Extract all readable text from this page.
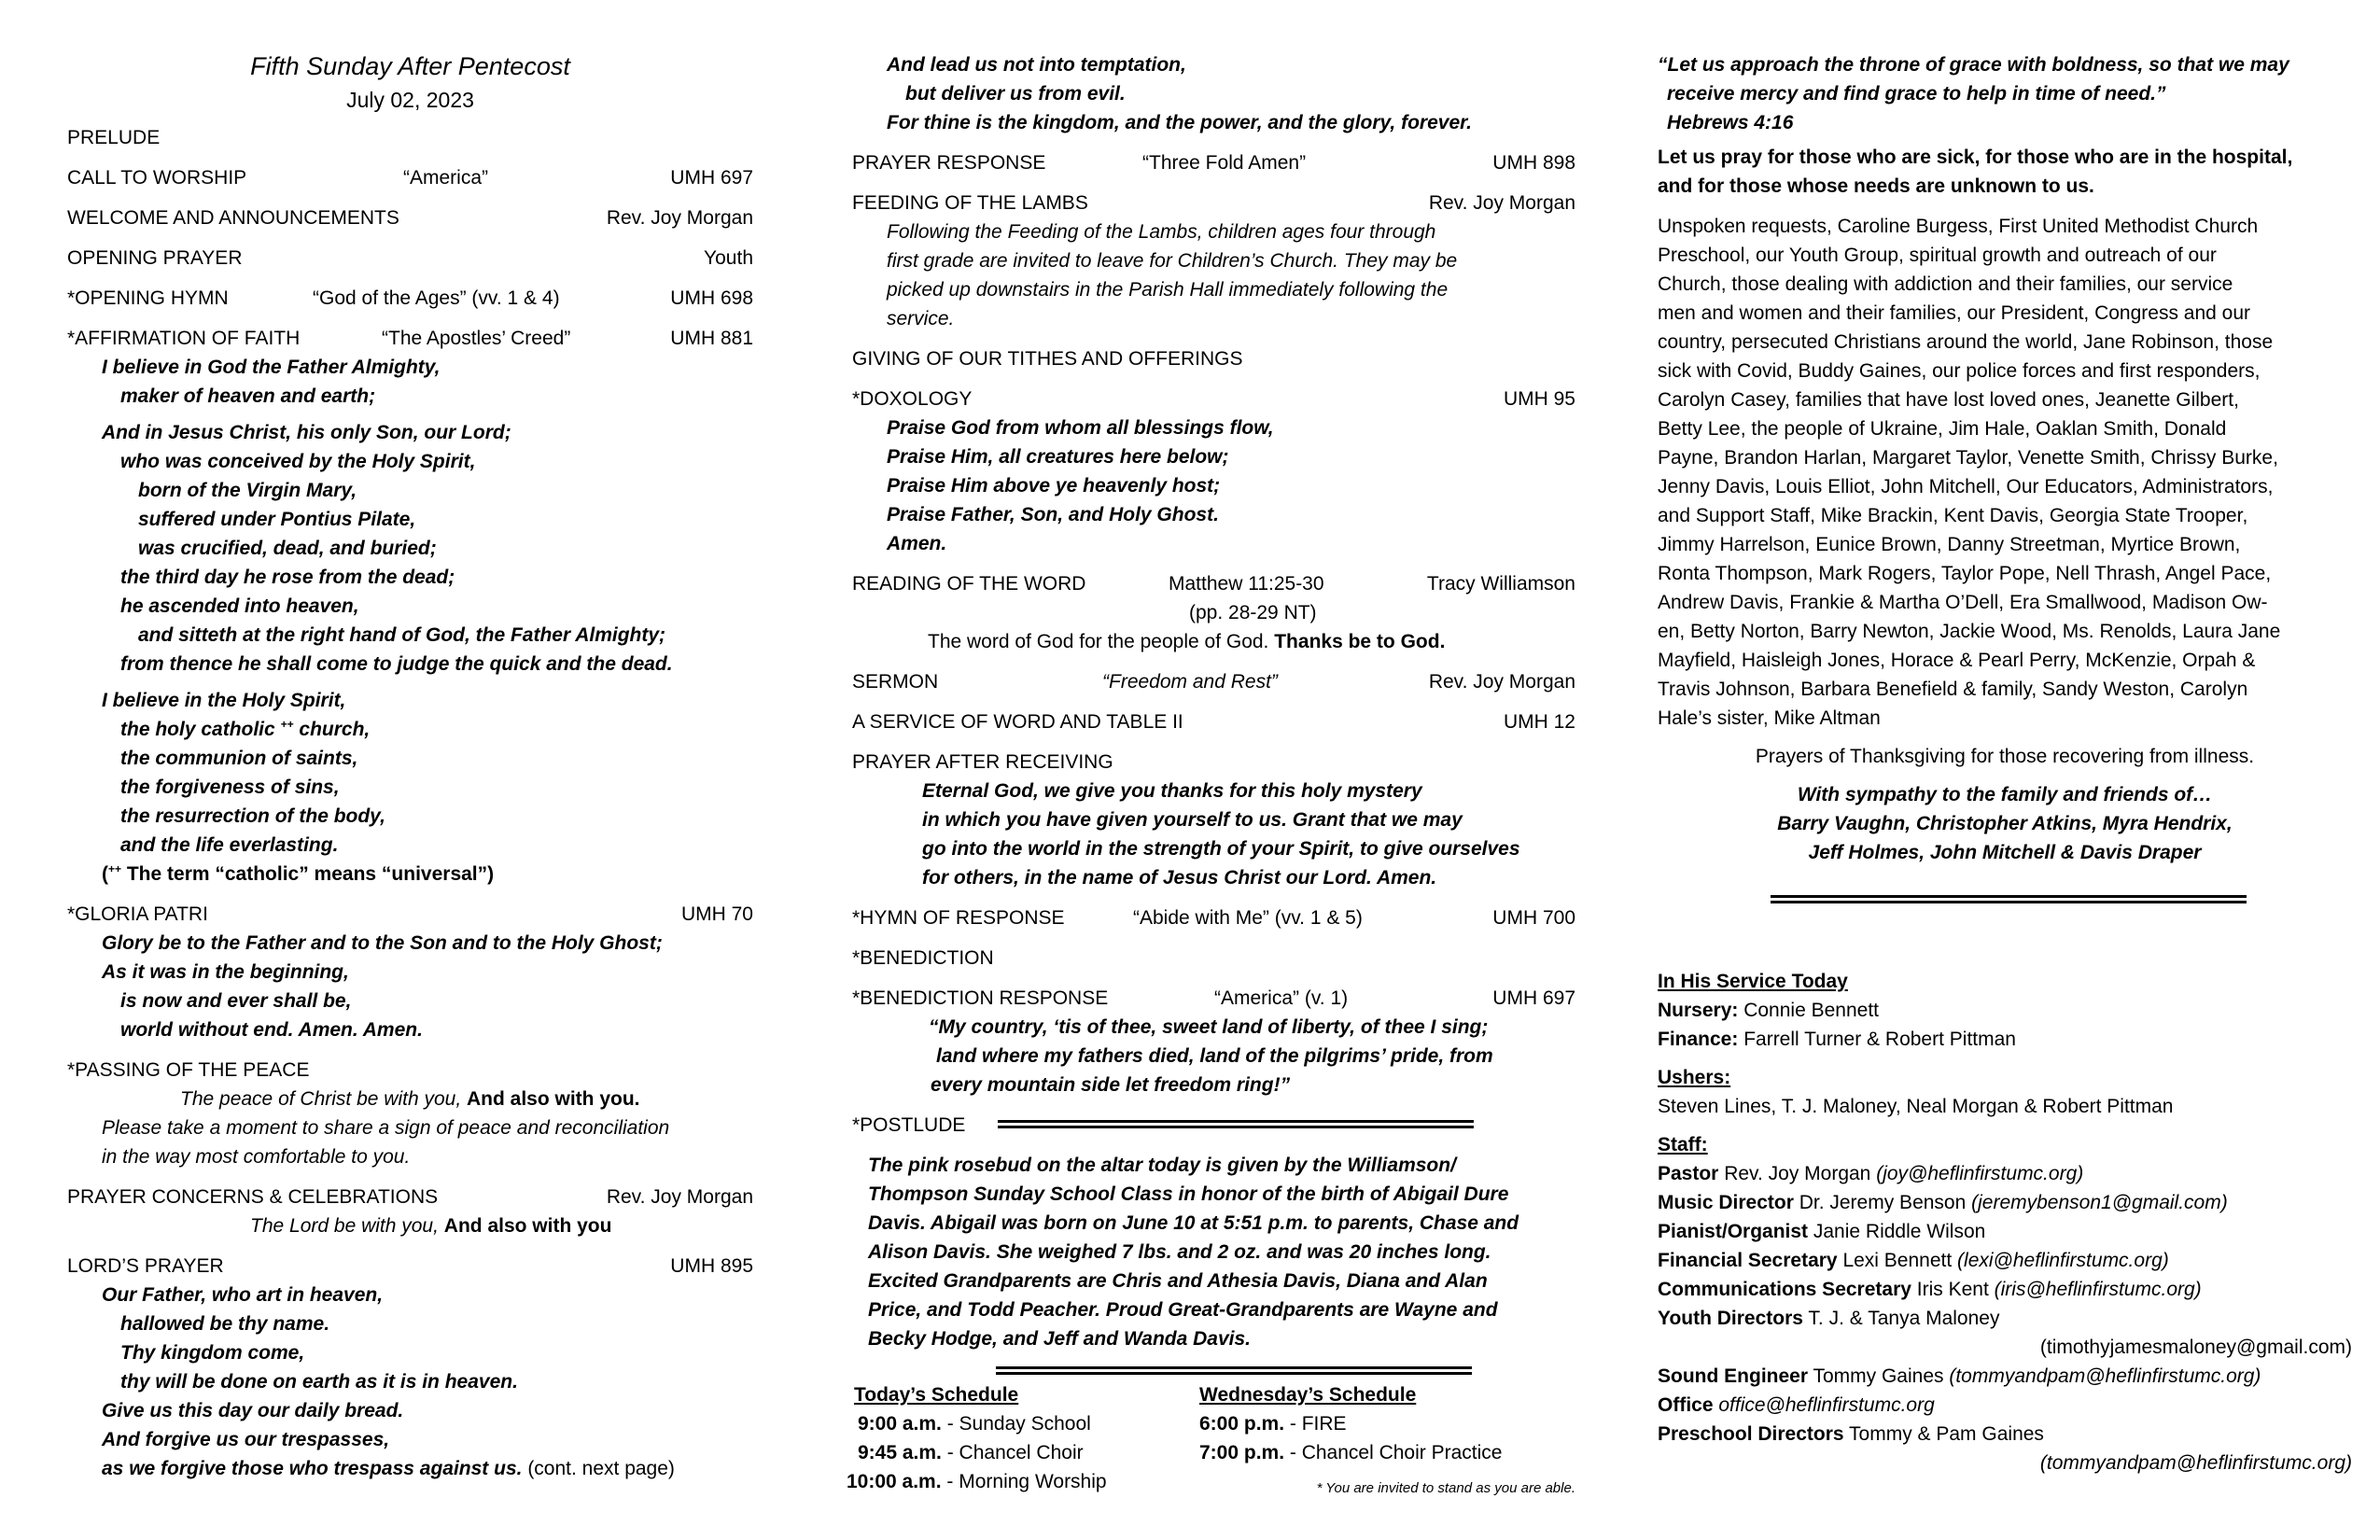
Fifth Sunday After Pentecost
July 02, 2023
PRELUDE
CALL TO WORSHIP	“America”	UMH 697
WELCOME AND ANNOUNCEMENTS	Rev. Joy Morgan
OPENING PRAYER	Youth
*OPENING HYMN	“God of the Ages” (vv. 1 & 4)	UMH 698
*AFFIRMATION OF FAITH	“The Apostles’ Creed”	UMH 881
I believe in God the Father Almighty,
maker of heaven and earth;
And in Jesus Christ, his only Son, our Lord;
who was conceived by the Holy Spirit,
born of the Virgin Mary,
suffered under Pontius Pilate,
was crucified, dead, and buried;
the third day he rose from the dead;
he ascended into heaven,
and sitteth at the right hand of God, the Father Almighty;
from thence he shall come to judge the quick and the dead.
I believe in the Holy Spirit,
the holy catholic ++ church,
the communion of saints,
the forgiveness of sins,
the resurrection of the body,
and the life everlasting.
(++ The term “catholic” means “universal”)
*GLORIA PATRI	UMH 70
Glory be to the Father and to the Son and to the Holy Ghost;
As it was in the beginning,
is now and ever shall be,
world without end. Amen. Amen.
*PASSING OF THE PEACE
The peace of Christ be with you, And also with you.
Please take a moment to share a sign of peace and reconciliation
in the way most comfortable to you.
PRAYER CONCERNS & CELEBRATIONS	Rev. Joy Morgan
The Lord be with you, And also with you
LORD’S PRAYER	UMH 895
Our Father, who art in heaven,
hallowed be thy name.
Thy kingdom come,
thy will be done on earth as it is in heaven.
Give us this day our daily bread.
And forgive us our trespasses,
as we forgive those who trespass against us. (cont. next page)
And lead us not into temptation,
but deliver us from evil.
For thine is the kingdom, and the power, and the glory, forever.
PRAYER RESPONSE	“Three Fold Amen”	UMH 898
FEEDING OF THE LAMBS	Rev. Joy Morgan
Following the Feeding of the Lambs, children ages four through
first grade are invited to leave for Children’s Church. They may be
picked up downstairs in the Parish Hall immediately following the
service.
GIVING OF OUR TITHES AND OFFERINGS
*DOXOLOGY	UMH 95
Praise God from whom all blessings flow,
Praise Him, all creatures here below;
Praise Him above ye heavenly host;
Praise Father, Son, and Holy Ghost.
Amen.
READING OF THE WORD	Matthew 11:25-30	Tracy Williamson
(pp. 28-29 NT)
The word of God for the people of God. Thanks be to God.
SERMON	“Freedom and Rest”	Rev. Joy Morgan
A SERVICE OF WORD AND TABLE II	UMH 12
PRAYER AFTER RECEIVING
Eternal God, we give you thanks for this holy mystery
in which you have given yourself to us. Grant that we may
go into the world in the strength of your Spirit, to give ourselves
for others, in the name of Jesus Christ our Lord. Amen.
*HYMN OF RESPONSE	“Abide with Me” (vv. 1 & 5)	UMH 700
*BENEDICTION
*BENEDICTION RESPONSE	“America” (v. 1)	UMH 697
“My country, ‘tis of thee, sweet land of liberty, of thee I sing;
land where my fathers died, land of the pilgrims’ pride, from
every mountain side let freedom ring!”
*POSTLUDE
The pink rosebud on the altar today is given by the Williamson/
Thompson Sunday School Class in honor of the birth of Abigail Dure
Davis. Abigail was born on June 10 at 5:51 p.m. to parents, Chase and
Alison Davis. She weighed 7 lbs. and 2 oz. and was 20 inches long.
Excited Grandparents are Chris and Athesia Davis, Diana and Alan
Price, and Todd Peacher. Proud Great-Grandparents are Wayne and
Becky Hodge, and Jeff and Wanda Davis.
Today’s Schedule
9:00 a.m. - Sunday School
9:45 a.m. - Chancel Choir
10:00 a.m. - Morning Worship
Wednesday’s Schedule
6:00 p.m. - FIRE
7:00 p.m. - Chancel Choir Practice
* You are invited to stand as you are able.
“Let us approach the throne of grace with boldness, so that we may
receive mercy and find grace to help in time of need.”
Hebrews 4:16
Let us pray for those who are sick, for those who are in the hospital,
and for those whose needs are unknown to us.
Unspoken requests, Caroline Burgess, First United Methodist Church
Preschool, our Youth Group, spiritual growth and outreach of our
Church, those dealing with addiction and their families, our service
men and women and their families, our President, Congress and our
country, persecuted Christians around the world, Jane Robinson, those
sick with Covid, Buddy Gaines, our police forces and first responders,
Carolyn Casey, families that have lost loved ones, Jeanette Gilbert,
Betty Lee, the people of Ukraine, Jim Hale, Oaklan Smith, Donald
Payne, Brandon Harlan, Margaret Taylor, Venette Smith, Chrissy Burke,
Jenny Davis, Louis Elliot, John Mitchell, Our Educators, Administrators,
and Support Staff, Mike Brackin, Kent Davis, Georgia State Trooper,
Jimmy Harrelson, Eunice Brown, Danny Streetman, Myrtice Brown,
Ronta Thompson, Mark Rogers, Taylor Pope, Nell Thrash, Angel Pace,
Andrew Davis, Frankie & Martha O’Dell, Era Smallwood, Madison Ow-
en, Betty Norton, Barry Newton, Jackie Wood, Ms. Renolds, Laura Jane
Mayfield, Haisleigh Jones, Horace & Pearl Perry, McKenzie, Orpah &
Travis Johnson, Barbara Benefield & family, Sandy Weston, Carolyn
Hale’s sister, Mike Altman
Prayers of Thanksgiving for those recovering from illness.
With sympathy to the family and friends of…
Barry Vaughn, Christopher Atkins, Myra Hendrix,
Jeff Holmes, John Mitchell & Davis Draper
In His Service Today
Nursery: Connie Bennett
Finance: Farrell Turner & Robert Pittman
Ushers:
Steven Lines, T. J. Maloney, Neal Morgan & Robert Pittman
Staff:
Pastor Rev. Joy Morgan (joy@heflinfirstumc.org)
Music Director Dr. Jeremy Benson (jeremybenson1@gmail.com)
Pianist/Organist Janie Riddle Wilson
Financial Secretary Lexi Bennett (lexi@heflinfirstumc.org)
Communications Secretary Iris Kent (iris@heflinfirstumc.org)
Youth Directors T. J. & Tanya Maloney
(timothyjamesmaloney@gmail.com)
Sound Engineer Tommy Gaines (tommyandpam@heflinfirstumc.org)
Office office@heflinfirstumc.org
Preschool Directors Tommy & Pam Gaines
(tommyandpam@heflinfirstumc.org)
